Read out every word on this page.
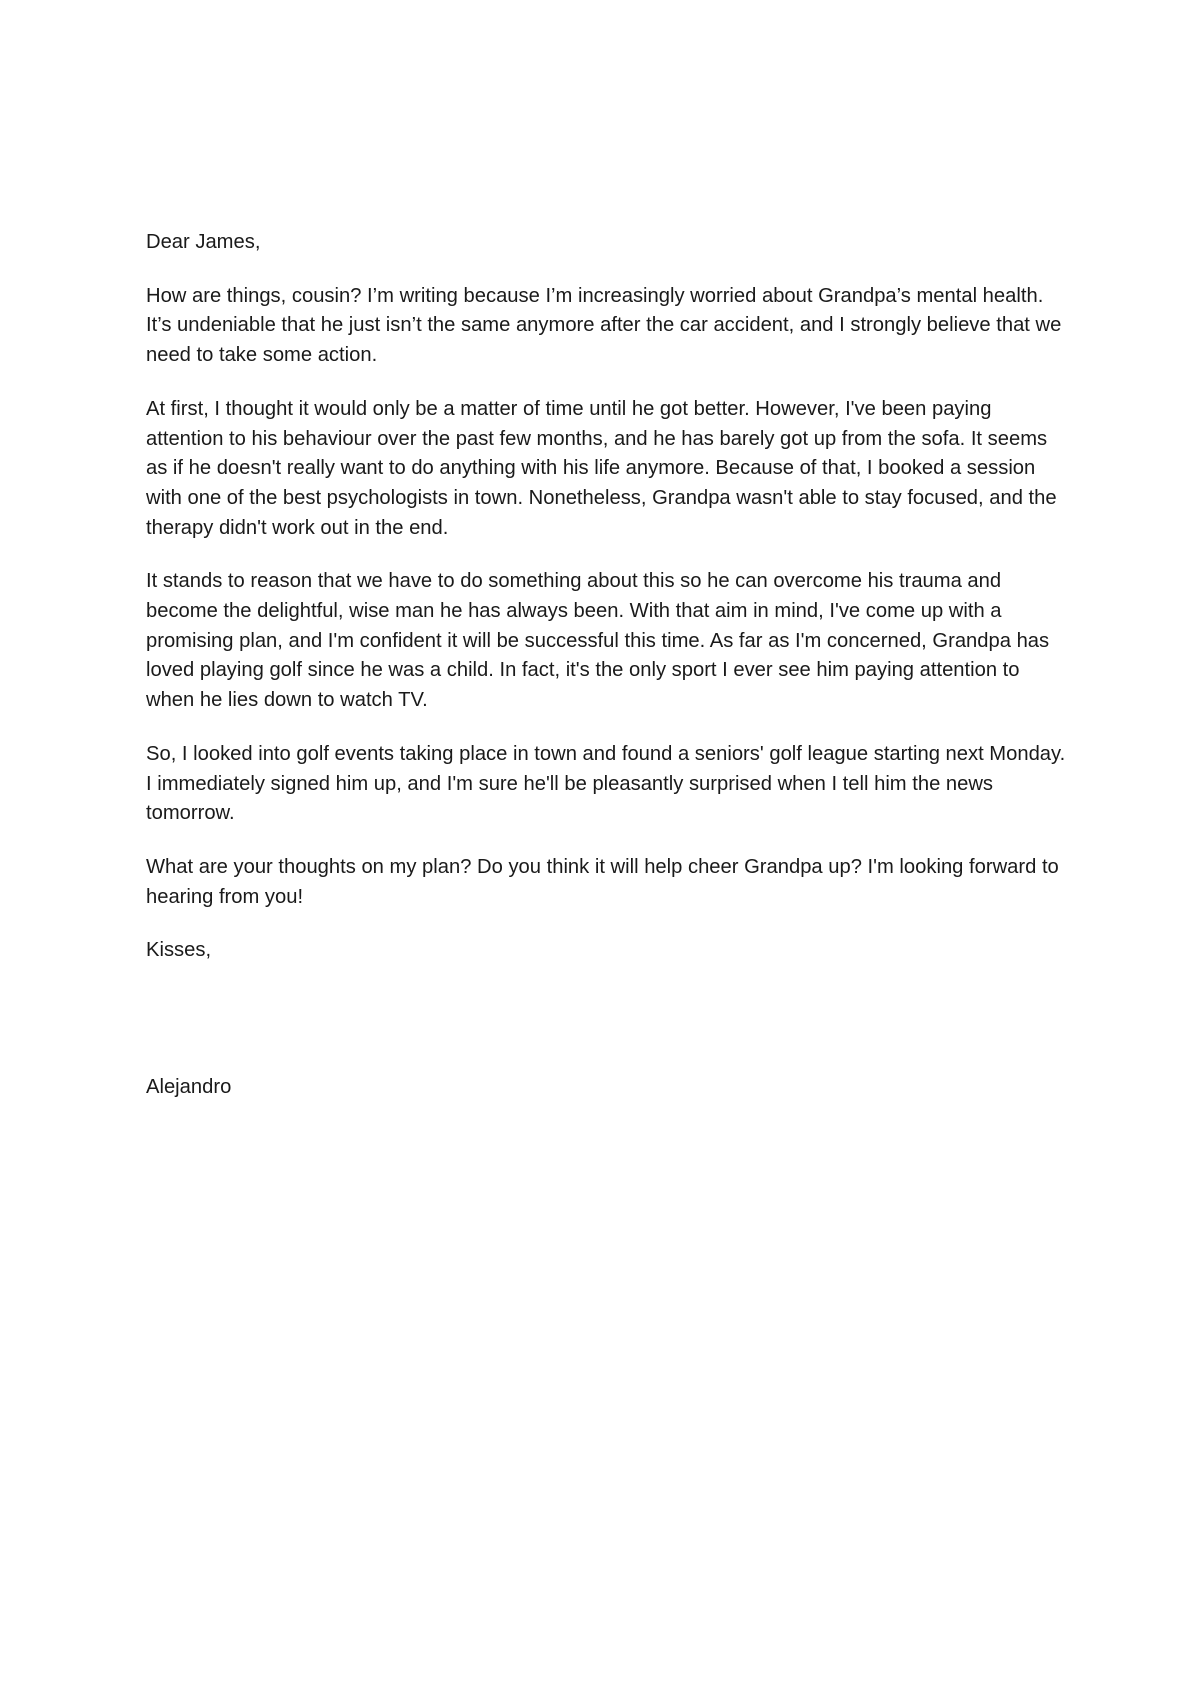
Dear James,

How are things, cousin? I’m writing because I’m increasingly worried about Grandpa’s mental health. It’s undeniable that he just isn’t the same anymore after the car accident, and I strongly believe that we need to take some action.

At first, I thought it would only be a matter of time until he got better. However, I've been paying attention to his behaviour over the past few months, and he has barely got up from the sofa. It seems as if he doesn't really want to do anything with his life anymore. Because of that, I booked a session with one of the best psychologists in town. Nonetheless, Grandpa wasn't able to stay focused, and the therapy didn't work out in the end.

It stands to reason that we have to do something about this so he can overcome his trauma and become the delightful, wise man he has always been. With that aim in mind, I've come up with a promising plan, and I'm confident it will be successful this time. As far as I'm concerned, Grandpa has loved playing golf since he was a child. In fact, it's the only sport I ever see him paying attention to when he lies down to watch TV.

So, I looked into golf events taking place in town and found a seniors' golf league starting next Monday. I immediately signed him up, and I'm sure he'll be pleasantly surprised when I tell him the news tomorrow.

What are your thoughts on my plan? Do you think it will help cheer Grandpa up? I'm looking forward to hearing from you!

Kisses,

Alejandro
